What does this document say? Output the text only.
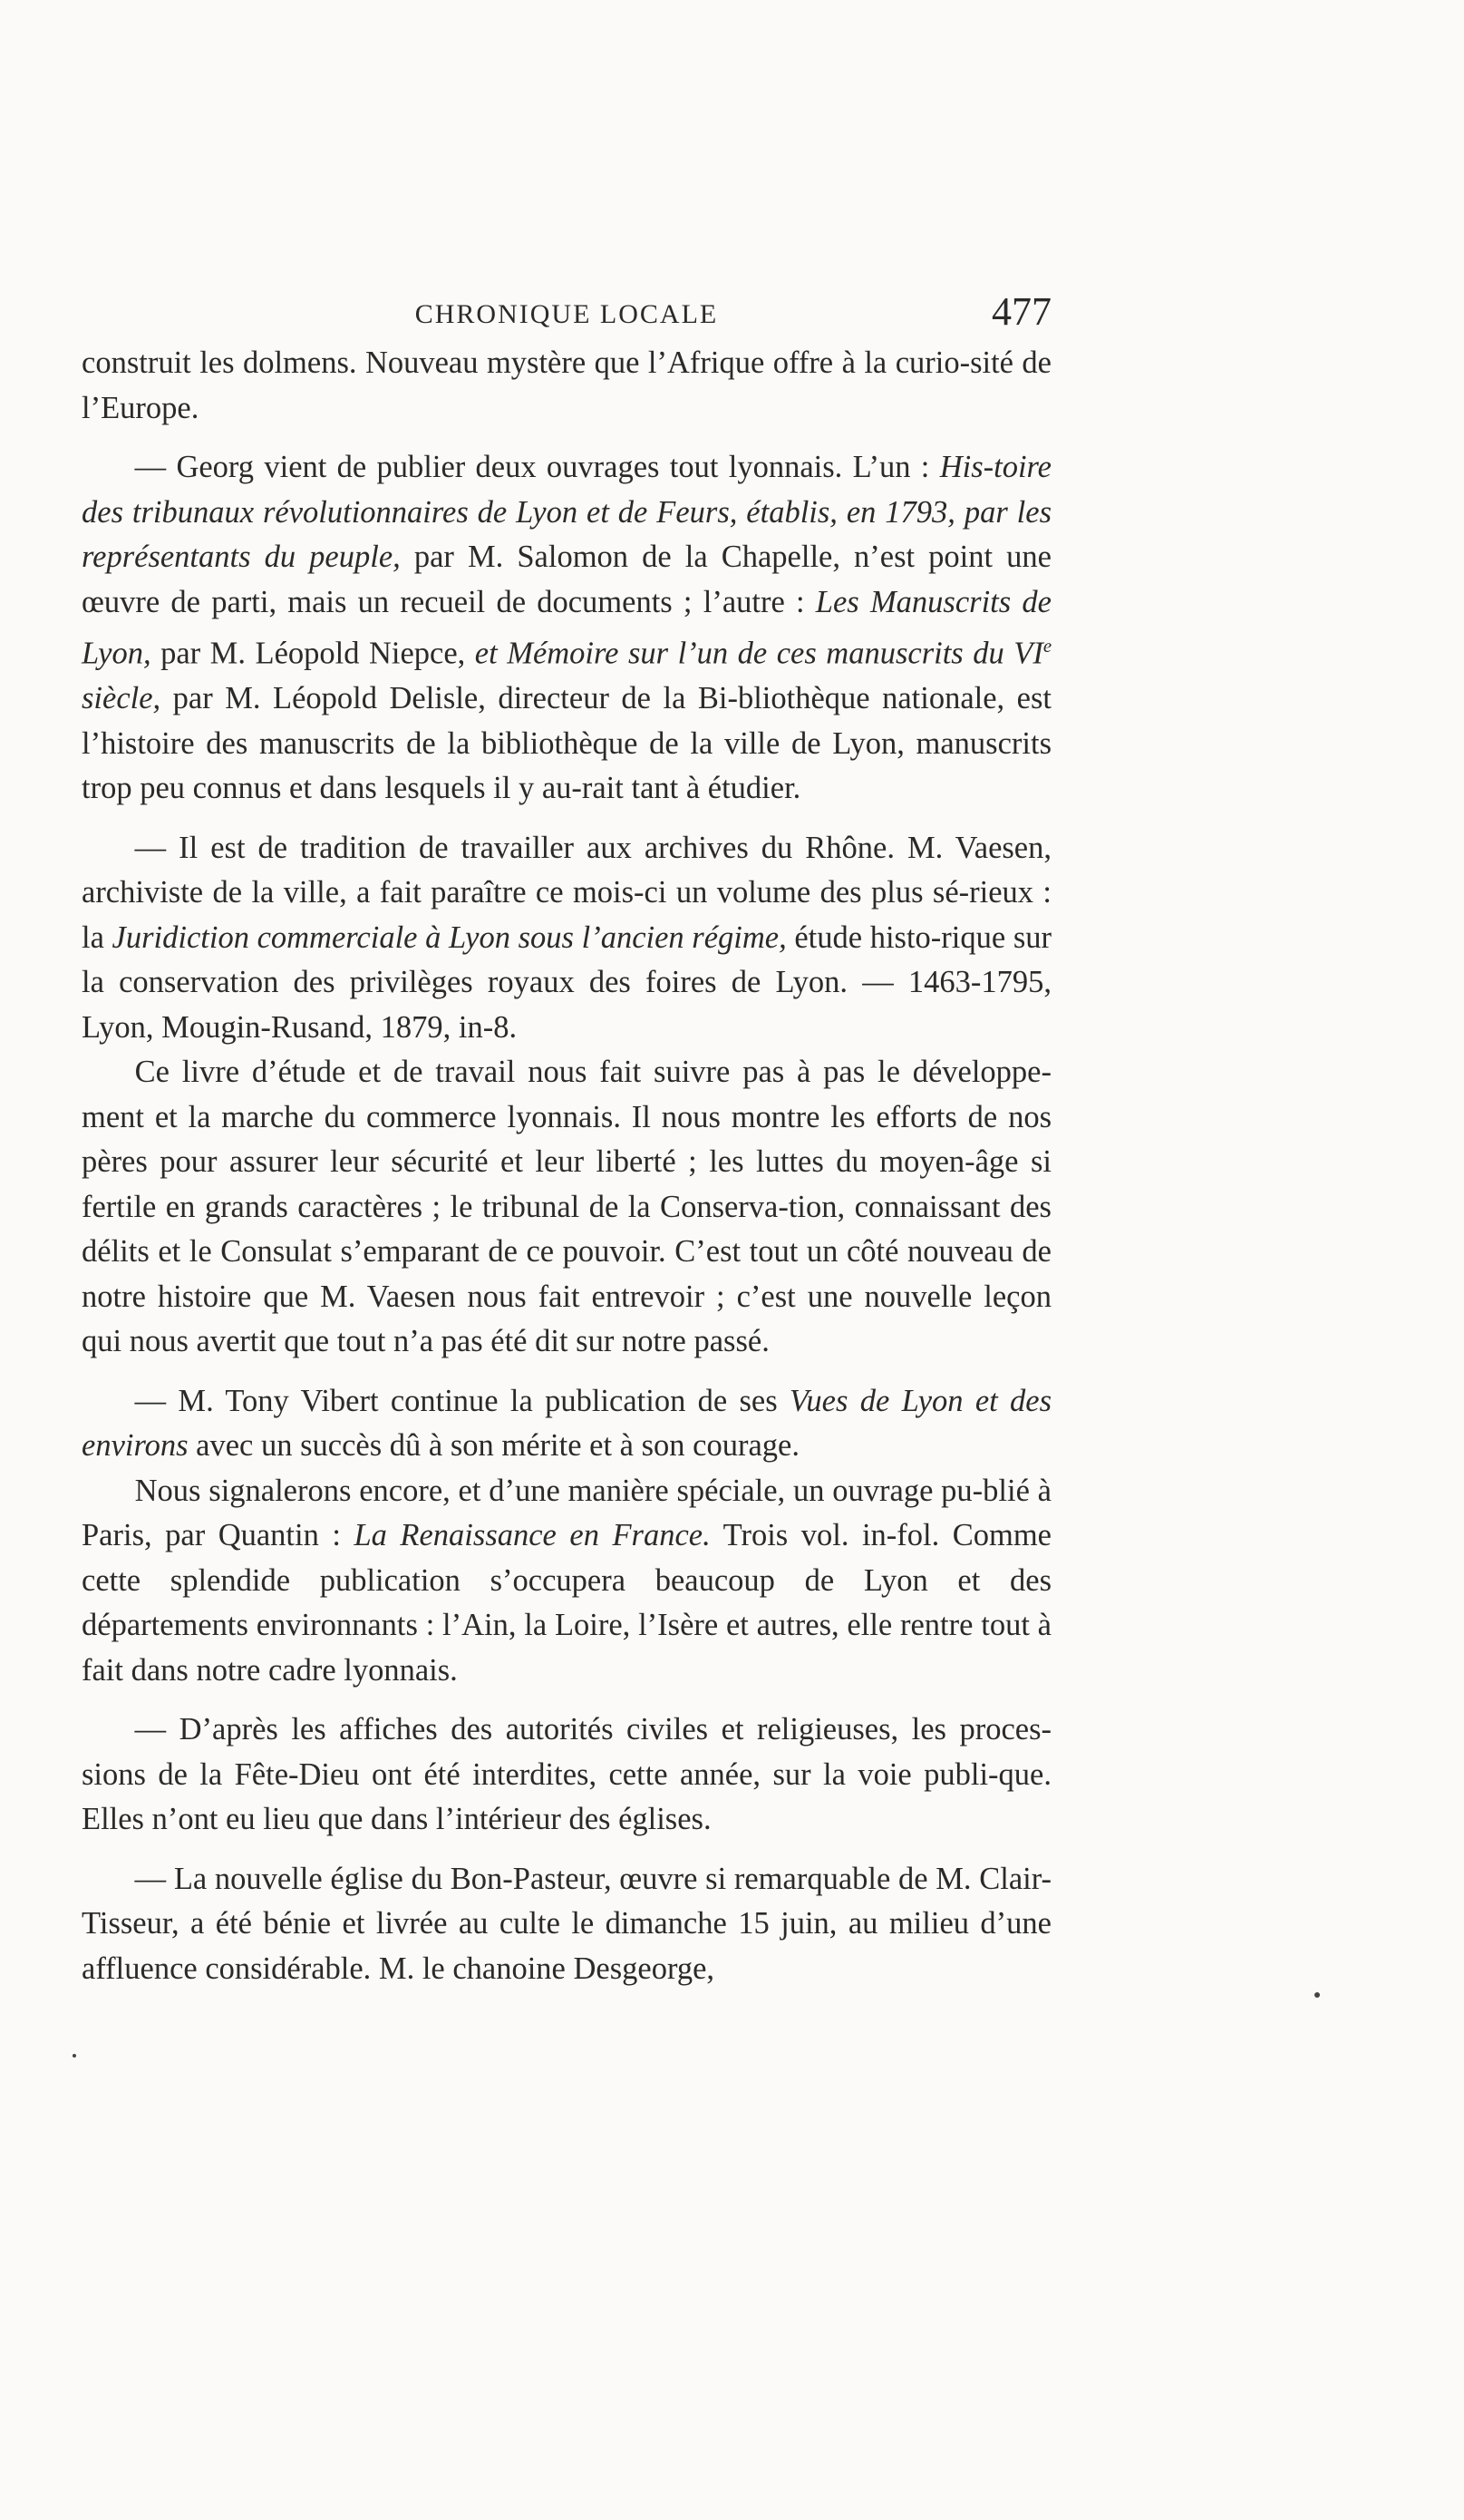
CHRONIQUE LOCALE	477

construit les dolmens. Nouveau mystère que l’Afrique offre à la curio-sité de l’Europe.

— Georg vient de publier deux ouvrages tout lyonnais. L’un : His-toire des tribunaux révolutionnaires de Lyon et de Feurs, établis, en 1793, par les représentants du peuple, par M. Salomon de la Chapelle, n’est point une œuvre de parti, mais un recueil de documents ; l’autre : Les Manuscrits de Lyon, par M. Léopold Niepce, et Mémoire sur l’un de ces manuscrits du VIe siècle, par M. Léopold Delisle, directeur de la Bi-bliothèque nationale, est l’histoire des manuscrits de la bibliothèque de la ville de Lyon, manuscrits trop peu connus et dans lesquels il y au-rait tant à étudier.

— Il est de tradition de travailler aux archives du Rhône. M. Vaesen, archiviste de la ville, a fait paraître ce mois-ci un volume des plus sé-rieux : la Juridiction commerciale à Lyon sous l’ancien régime, étude histo-rique sur la conservation des privilèges royaux des foires de Lyon. — 1463-1795, Lyon, Mougin-Rusand, 1879, in-8.

Ce livre d’étude et de travail nous fait suivre pas à pas le développe-ment et la marche du commerce lyonnais. Il nous montre les efforts de nos pères pour assurer leur sécurité et leur liberté ; les luttes du moyen-âge si fertile en grands caractères ; le tribunal de la Conserva-tion, connaissant des délits et le Consulat s’emparant de ce pouvoir. C’est tout un côté nouveau de notre histoire que M. Vaesen nous fait entrevoir ; c’est une nouvelle leçon qui nous avertit que tout n’a pas été dit sur notre passé.

— M. Tony Vibert continue la publication de ses Vues de Lyon et des environs avec un succès dû à son mérite et à son courage.

Nous signalerons encore, et d’une manière spéciale, un ouvrage pu-blié à Paris, par Quantin : La Renaissance en France. Trois vol. in-fol. Comme cette splendide publication s’occupera beaucoup de Lyon et des départements environnants : l’Ain, la Loire, l’Isère et autres, elle rentre tout à fait dans notre cadre lyonnais.

— D’après les affiches des autorités civiles et religieuses, les proces-sions de la Fête-Dieu ont été interdites, cette année, sur la voie publi-que. Elles n’ont eu lieu que dans l’intérieur des églises.

— La nouvelle église du Bon-Pasteur, œuvre si remarquable de M. Clair-Tisseur, a été bénie et livrée au culte le dimanche 15 juin, au milieu d’une affluence considérable. M. le chanoine Desgeorge,
